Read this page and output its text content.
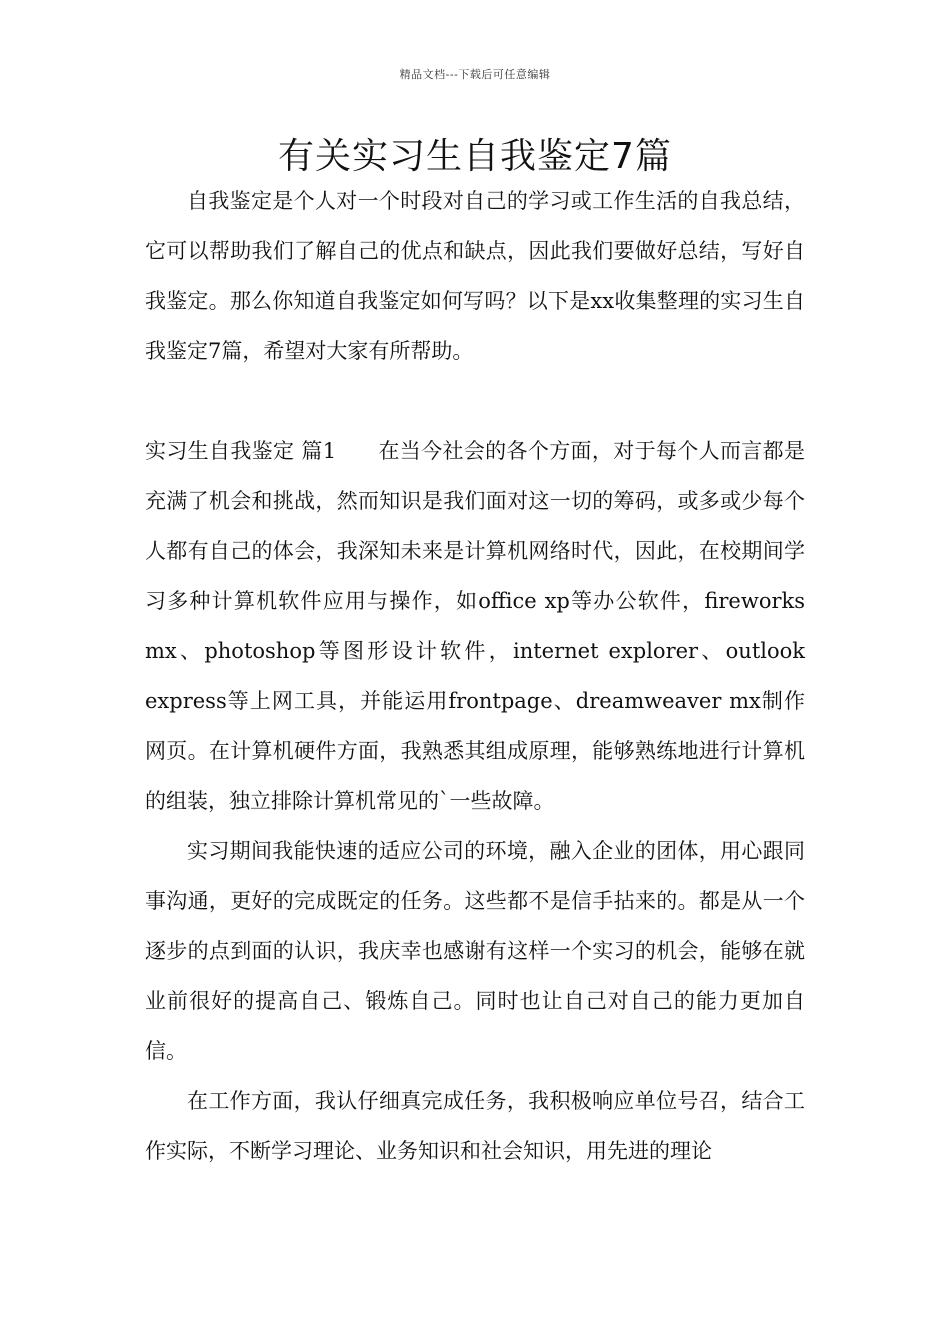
精品文档---下载后可任意编辑
有关实习生自我鉴定7篇

自我鉴定是个人对一个时段对自己的学习或工作生活的自我总结，它可以帮助我们了解自己的优点和缺点，因此我们要做好总结，写好自我鉴定。那么你知道自我鉴定如何写吗？以下是xx收集整理的实习生自我鉴定7篇，希望对大家有所帮助。

实习生自我鉴定 篇1 在当今社会的各个方面，对于每个人而言都是充满了机会和挑战，然而知识是我们面对这一切的筹码，或多或少每个人都有自己的体会，我深知未来是计算机网络时代，因此，在校期间学习多种计算机软件应用与操作，如office xp等办公软件，fireworks mx、photoshop等图形设计软件，internet explorer、outlook express等上网工具，并能运用frontpage、dreamweaver mx制作网页。在计算机硬件方面，我熟悉其组成原理，能够熟练地进行计算机的组装，独立排除计算机常见的`一些故障。

实习期间我能快速的适应公司的环境，融入企业的团体，用心跟同事沟通，更好的完成既定的任务。这些都不是信手拈来的。都是从一个逐步的点到面的认识，我庆幸也感谢有这样一个实习的机会，能够在就业前很好的提高自己、锻炼自己。同时也让自己对自己的能力更加自信。

在工作方面，我认仔细真完成任务，我积极响应单位号召，结合工作实际，不断学习理论、业务知识和社会知识，用先进的理论
